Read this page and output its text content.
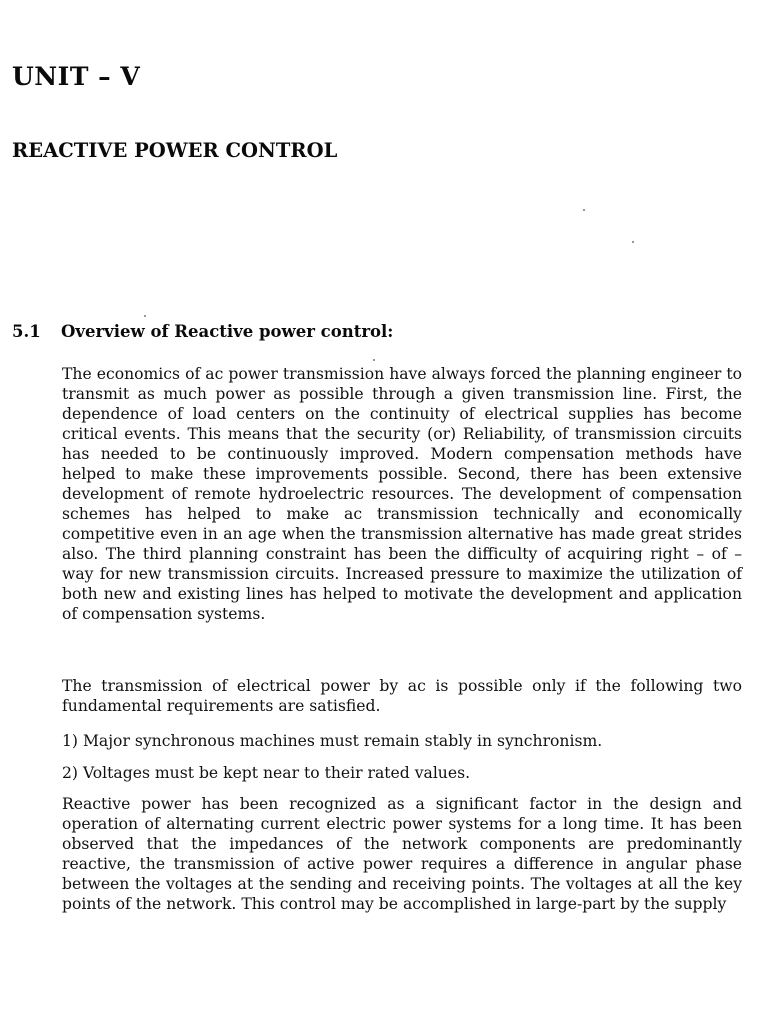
UNIT – V
REACTIVE POWER CONTROL
5.1 Overview of Reactive power control:

The economics of ac power transmission have always forced the planning engineer to transmit as much power as possible through a given transmission line. First, the dependence of load centers on the continuity of electrical supplies has become critical events. This means that the security (or) Reliability, of transmission circuits has needed to be continuously improved. Modern compensation methods have helped to make these improvements possible. Second, there has been extensive development of remote hydroelectric resources. The development of compensation schemes has helped to make ac transmission technically and economically competitive even in an age when the transmission alternative has made great strides also. The third planning constraint has been the difficulty of acquiring right – of – way for new transmission circuits. Increased pressure to maximize the utilization of both new and existing lines has helped to motivate the development and application of compensation systems.

The transmission of electrical power by ac is possible only if the following two fundamental requirements are satisfied.

1) Major synchronous machines must remain stably in synchronism.

2) Voltages must be kept near to their rated values.

Reactive power has been recognized as a significant factor in the design and operation of alternating current electric power systems for a long time. It has been observed that the impedances of the network components are predominantly reactive, the transmission of active power requires a difference in angular phase between the voltages at the sending and receiving points. The voltages at all the key points of the network. This control may be accomplished in large-part by the supply
